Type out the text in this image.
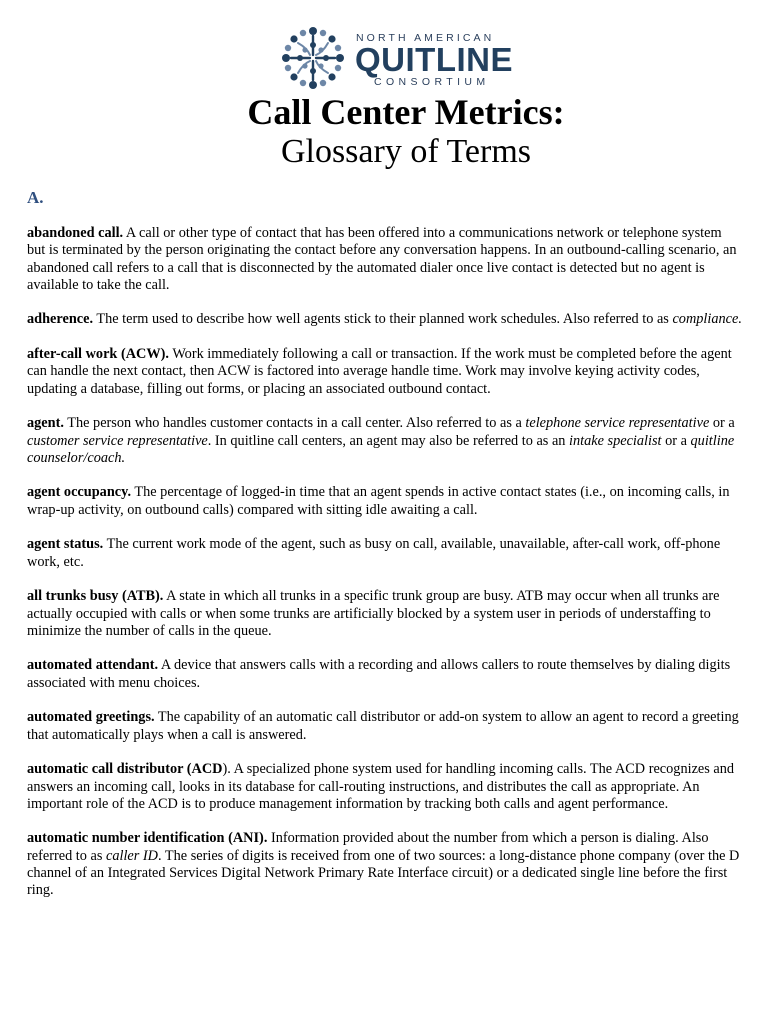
NORTH AMERICAN
QUITLINE
CONSORTIUM
Call Center Metrics:
Glossary of Terms
A.

abandoned call. A call or other type of contact that has been offered into a communications network or telephone system but is terminated by the person originating the contact before any conversation happens. In an outbound-calling scenario, an abandoned call refers to a call that is disconnected by the automated dialer once live contact is detected but no agent is available to take the call.

adherence. The term used to describe how well agents stick to their planned work schedules. Also referred to as compliance.

after-call work (ACW). Work immediately following a call or transaction. If the work must be completed before the agent can handle the next contact, then ACW is factored into average handle time. Work may involve keying activity codes, updating a database, filling out forms, or placing an associated outbound contact.

agent. The person who handles customer contacts in a call center. Also referred to as a telephone service representative or a customer service representative. In quitline call centers, an agent may also be referred to as an intake specialist or a quitline counselor/coach.

agent occupancy. The percentage of logged-in time that an agent spends in active contact states (i.e., on incoming calls, in wrap-up activity, on outbound calls) compared with sitting idle awaiting a call.

agent status. The current work mode of the agent, such as busy on call, available, unavailable, after-call work, off-phone work, etc.

all trunks busy (ATB). A state in which all trunks in a specific trunk group are busy. ATB may occur when all trunks are actually occupied with calls or when some trunks are artificially blocked by a system user in periods of understaffing to minimize the number of calls in the queue.

automated attendant. A device that answers calls with a recording and allows callers to route themselves by dialing digits associated with menu choices.

automated greetings. The capability of an automatic call distributor or add-on system to allow an agent to record a greeting that automatically plays when a call is answered.

automatic call distributor (ACD). A specialized phone system used for handling incoming calls. The ACD recognizes and answers an incoming call, looks in its database for call-routing instructions, and distributes the call as appropriate. An important role of the ACD is to produce management information by tracking both calls and agent performance.

automatic number identification (ANI). Information provided about the number from which a person is dialing. Also referred to as caller ID. The series of digits is received from one of two sources: a long-distance phone company (over the D channel of an Integrated Services Digital Network Primary Rate Interface circuit) or a dedicated single line before the first ring.
